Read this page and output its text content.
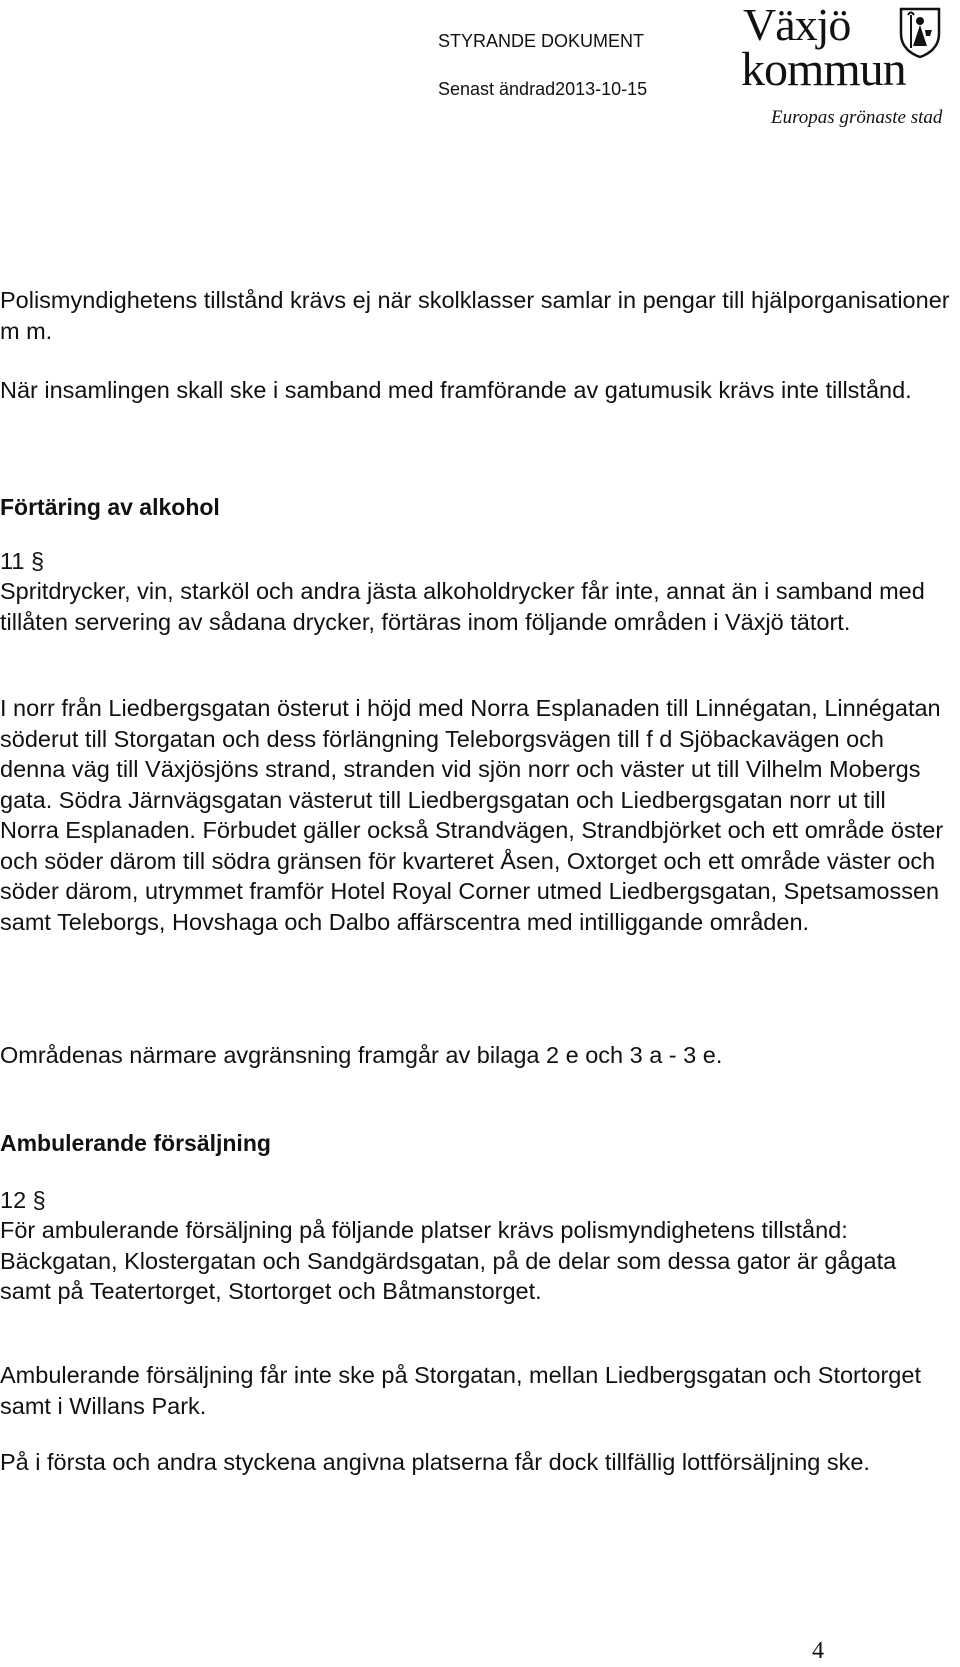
STYRANDE DOKUMENT
Senast ändrad2013-10-15
Växjö
kommun
Europas grönaste stad

Polismyndighetens tillstånd krävs ej när skolklasser samlar in pengar till hjälporganisationer m m.

När insamlingen skall ske i samband med framförande av gatumusik krävs inte tillstånd.

Förtäring av alkohol

11 §

Spritdrycker, vin, starköl och andra jästa alkoholdrycker får inte, annat än i samband med tillåten servering av sådana drycker, förtäras inom följande områden i Växjö tätort.

I norr från Liedbergsgatan österut i höjd med Norra Esplanaden till Linnégatan, Linnégatan söderut till Storgatan och dess förlängning Teleborgsvägen till f d Sjöbackavägen och denna väg till Växjösjöns strand, stranden vid sjön norr och väster ut till Vilhelm Mobergs gata. Södra Järnvägsgatan västerut till Liedbergsgatan och Liedbergsgatan norr ut till Norra Esplanaden. Förbudet gäller också Strandvägen, Strandbjörket och ett område öster och söder därom till södra gränsen för kvarteret Åsen, Oxtorget och ett område väster och söder därom, utrymmet framför Hotel Royal Corner utmed Liedbergsgatan, Spetsamossen samt Teleborgs, Hovshaga och Dalbo affärscentra med intilliggande områden.

Områdenas närmare avgränsning framgår av bilaga 2 e och 3 a - 3 e.

Ambulerande försäljning

12 §

För ambulerande försäljning på följande platser krävs polismyndighetens tillstånd: Bäckgatan, Klostergatan och Sandgärdsgatan, på de delar som dessa gator är gågata samt på Teatertorget, Stortorget och Båtmanstorget.

Ambulerande försäljning får inte ske på Storgatan, mellan Liedbergsgatan och Stortorget samt i Willans Park.

På i första och andra styckena angivna platserna får dock tillfällig lottförsäljning ske.

4
